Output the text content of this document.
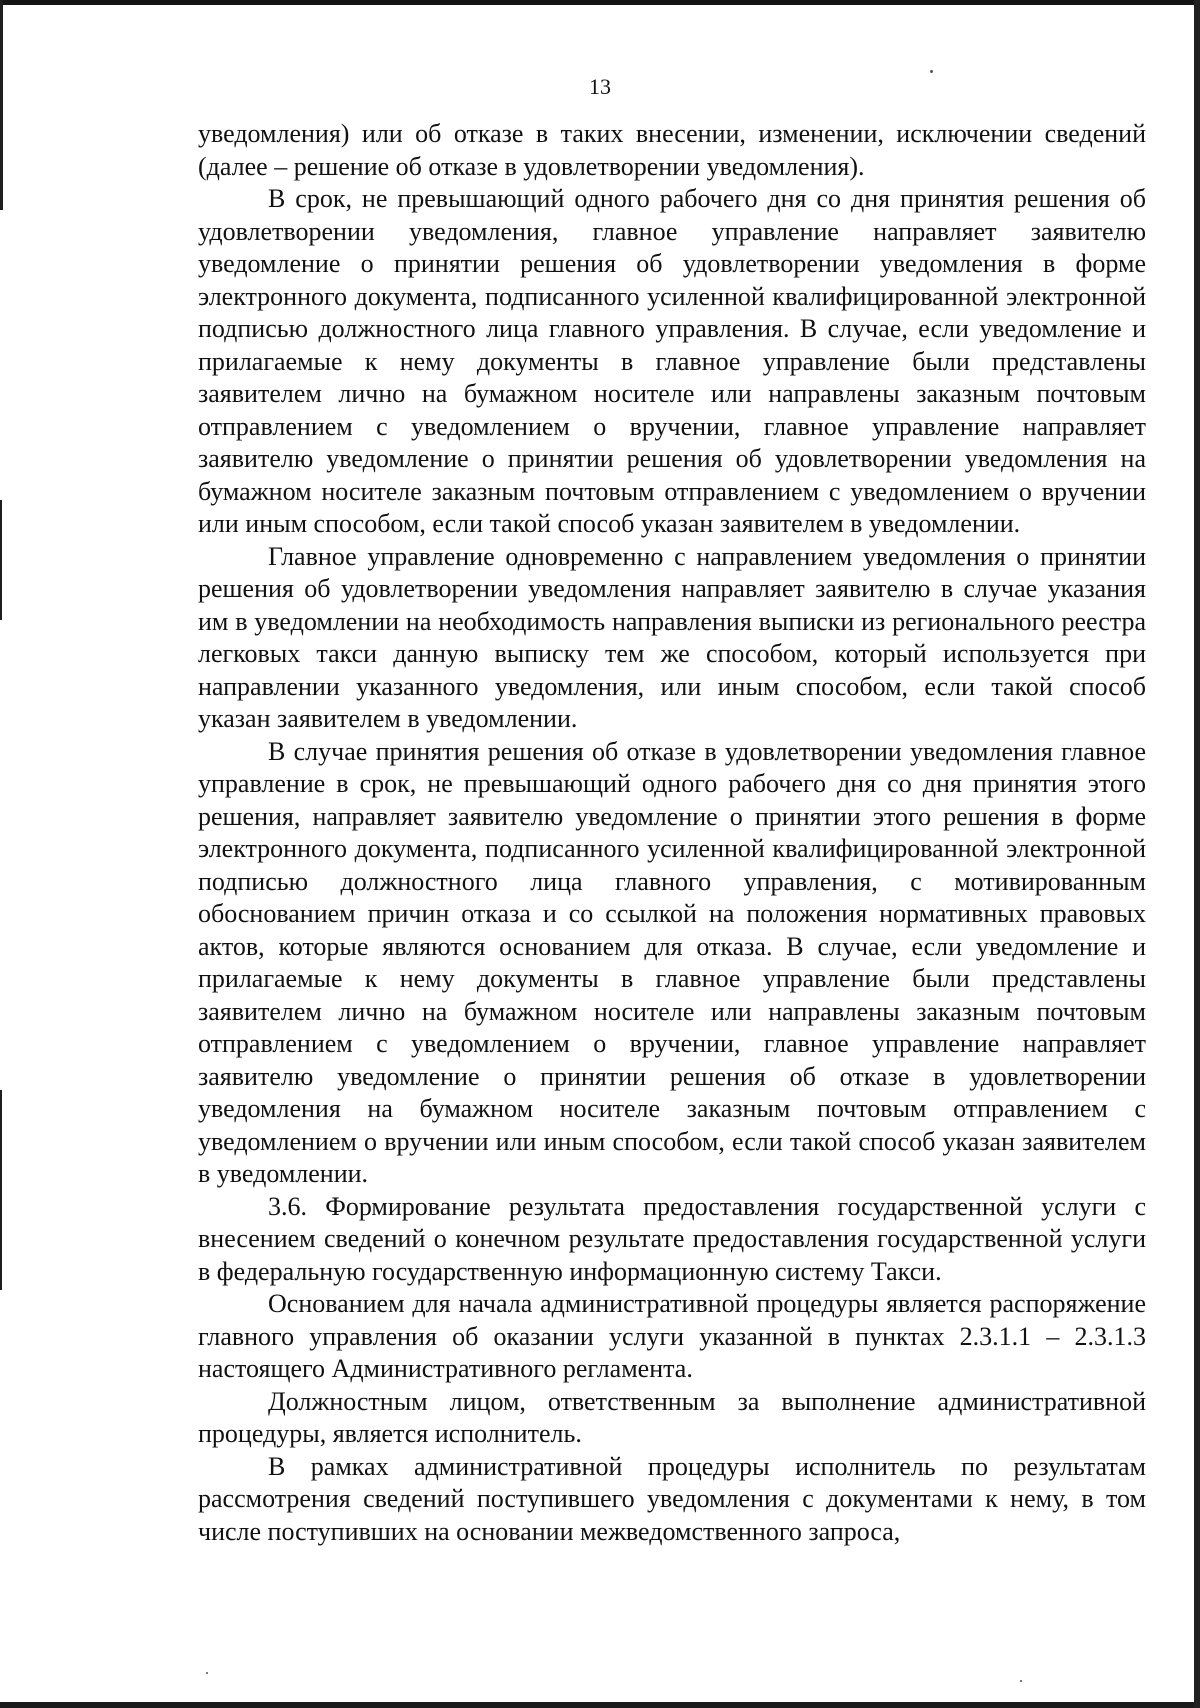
13

уведомления) или об отказе в таких внесении, изменении, исключении сведений (далее – решение об отказе в удовлетворении уведомления).

В срок, не превышающий одного рабочего дня со дня принятия решения об удовлетворении уведомления, главное управление направляет заявителю уведомление о принятии решения об удовлетворении уведомления в форме электронного документа, подписанного усиленной квалифицированной электронной подписью должностного лица главного управления. В случае, если уведомление и прилагаемые к нему документы в главное управление были представлены заявителем лично на бумажном носителе или направлены заказным почтовым отправлением с уведомлением о вручении, главное управление направляет заявителю уведомление о принятии решения об удовлетворении уведомления на бумажном носителе заказным почтовым отправлением с уведомлением о вручении или иным способом, если такой способ указан заявителем в уведомлении.

Главное управление одновременно с направлением уведомления о принятии решения об удовлетворении уведомления направляет заявителю в случае указания им в уведомлении на необходимость направления выписки из регионального реестра легковых такси данную выписку тем же способом, который используется при направлении указанного уведомления, или иным способом, если такой способ указан заявителем в уведомлении.

В случае принятия решения об отказе в удовлетворении уведомления главное управление в срок, не превышающий одного рабочего дня со дня принятия этого решения, направляет заявителю уведомление о принятии этого решения в форме электронного документа, подписанного усиленной квалифицированной электронной подписью должностного лица главного управления, с мотивированным обоснованием причин отказа и со ссылкой на положения нормативных правовых актов, которые являются основанием для отказа. В случае, если уведомление и прилагаемые к нему документы в главное управление были представлены заявителем лично на бумажном носителе или направлены заказным почтовым отправлением с уведомлением о вручении, главное управление направляет заявителю уведомление о принятии решения об отказе в удовлетворении уведомления на бумажном носителе заказным почтовым отправлением с уведомлением о вручении или иным способом, если такой способ указан заявителем в уведомлении.

3.6. Формирование результата предоставления государственной услуги с внесением сведений о конечном результате предоставления государственной услуги в федеральную государственную информационную систему Такси.

Основанием для начала административной процедуры является распоряжение главного управления об оказании услуги указанной в пунктах 2.3.1.1 – 2.3.1.3 настоящего Административного регламента.

Должностным лицом, ответственным за выполнение административной процедуры, является исполнитель.

В рамках административной процедуры исполнитель по результатам рассмотрения сведений поступившего уведомления с документами к нему, в том числе поступивших на основании межведомственного запроса,
